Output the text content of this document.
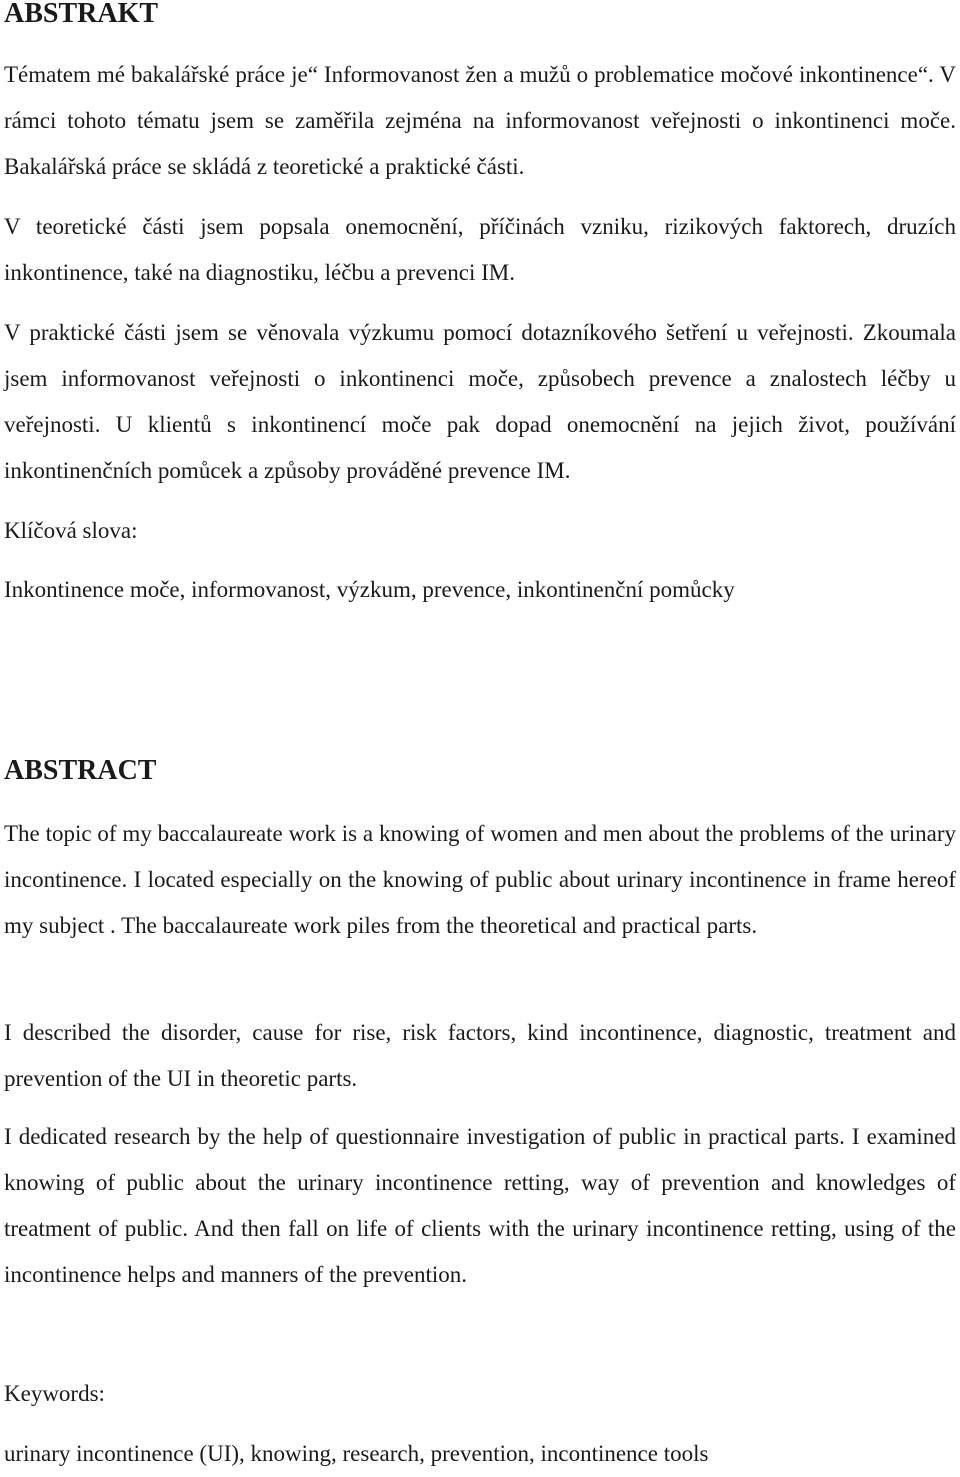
ABSTRAKT

Tématem mé bakalářské práce je“ Informovanost žen a mužů o problematice močové inkontinence“. V rámci tohoto tématu jsem se zaměřila zejména na informovanost veřejnosti o inkontinenci moče. Bakalářská práce se skládá z teoretické a praktické části.

V teoretické části jsem popsala onemocnění, příčinách vzniku, rizikových faktorech, druzích inkontinence, také na diagnostiku, léčbu a prevenci IM.

V praktické části jsem se věnovala výzkumu pomocí dotazníkového šetření u veřejnosti. Zkoumala jsem informovanost veřejnosti o inkontinenci moče, způsobech prevence a znalostech léčby u veřejnosti. U klientů s inkontinencí moče pak dopad onemocnění na jejich život, používání inkontinenčních pomůcek a způsoby prováděné prevence IM.

Klíčová slova:

Inkontinence moče, informovanost, výzkum, prevence, inkontinenční pomůcky

ABSTRACT

The topic of my baccalaureate work is a knowing of women and men about the problems of the urinary incontinence. I located especially on the knowing of public about urinary incontinence in frame hereof my subject . The baccalaureate work piles from the theoretical and practical parts.

I described the disorder, cause for rise, risk factors, kind incontinence, diagnostic, treatment and prevention of the UI in theoretic parts.

I dedicated research by the help of questionnaire investigation of public in practical parts. I examined knowing of public about the urinary incontinence retting, way of prevention and knowledges of treatment of public. And then fall on life of clients with the urinary incontinence retting, using of the incontinence helps and manners of the prevention.

Keywords:

urinary incontinence (UI), knowing, research, prevention, incontinence tools
